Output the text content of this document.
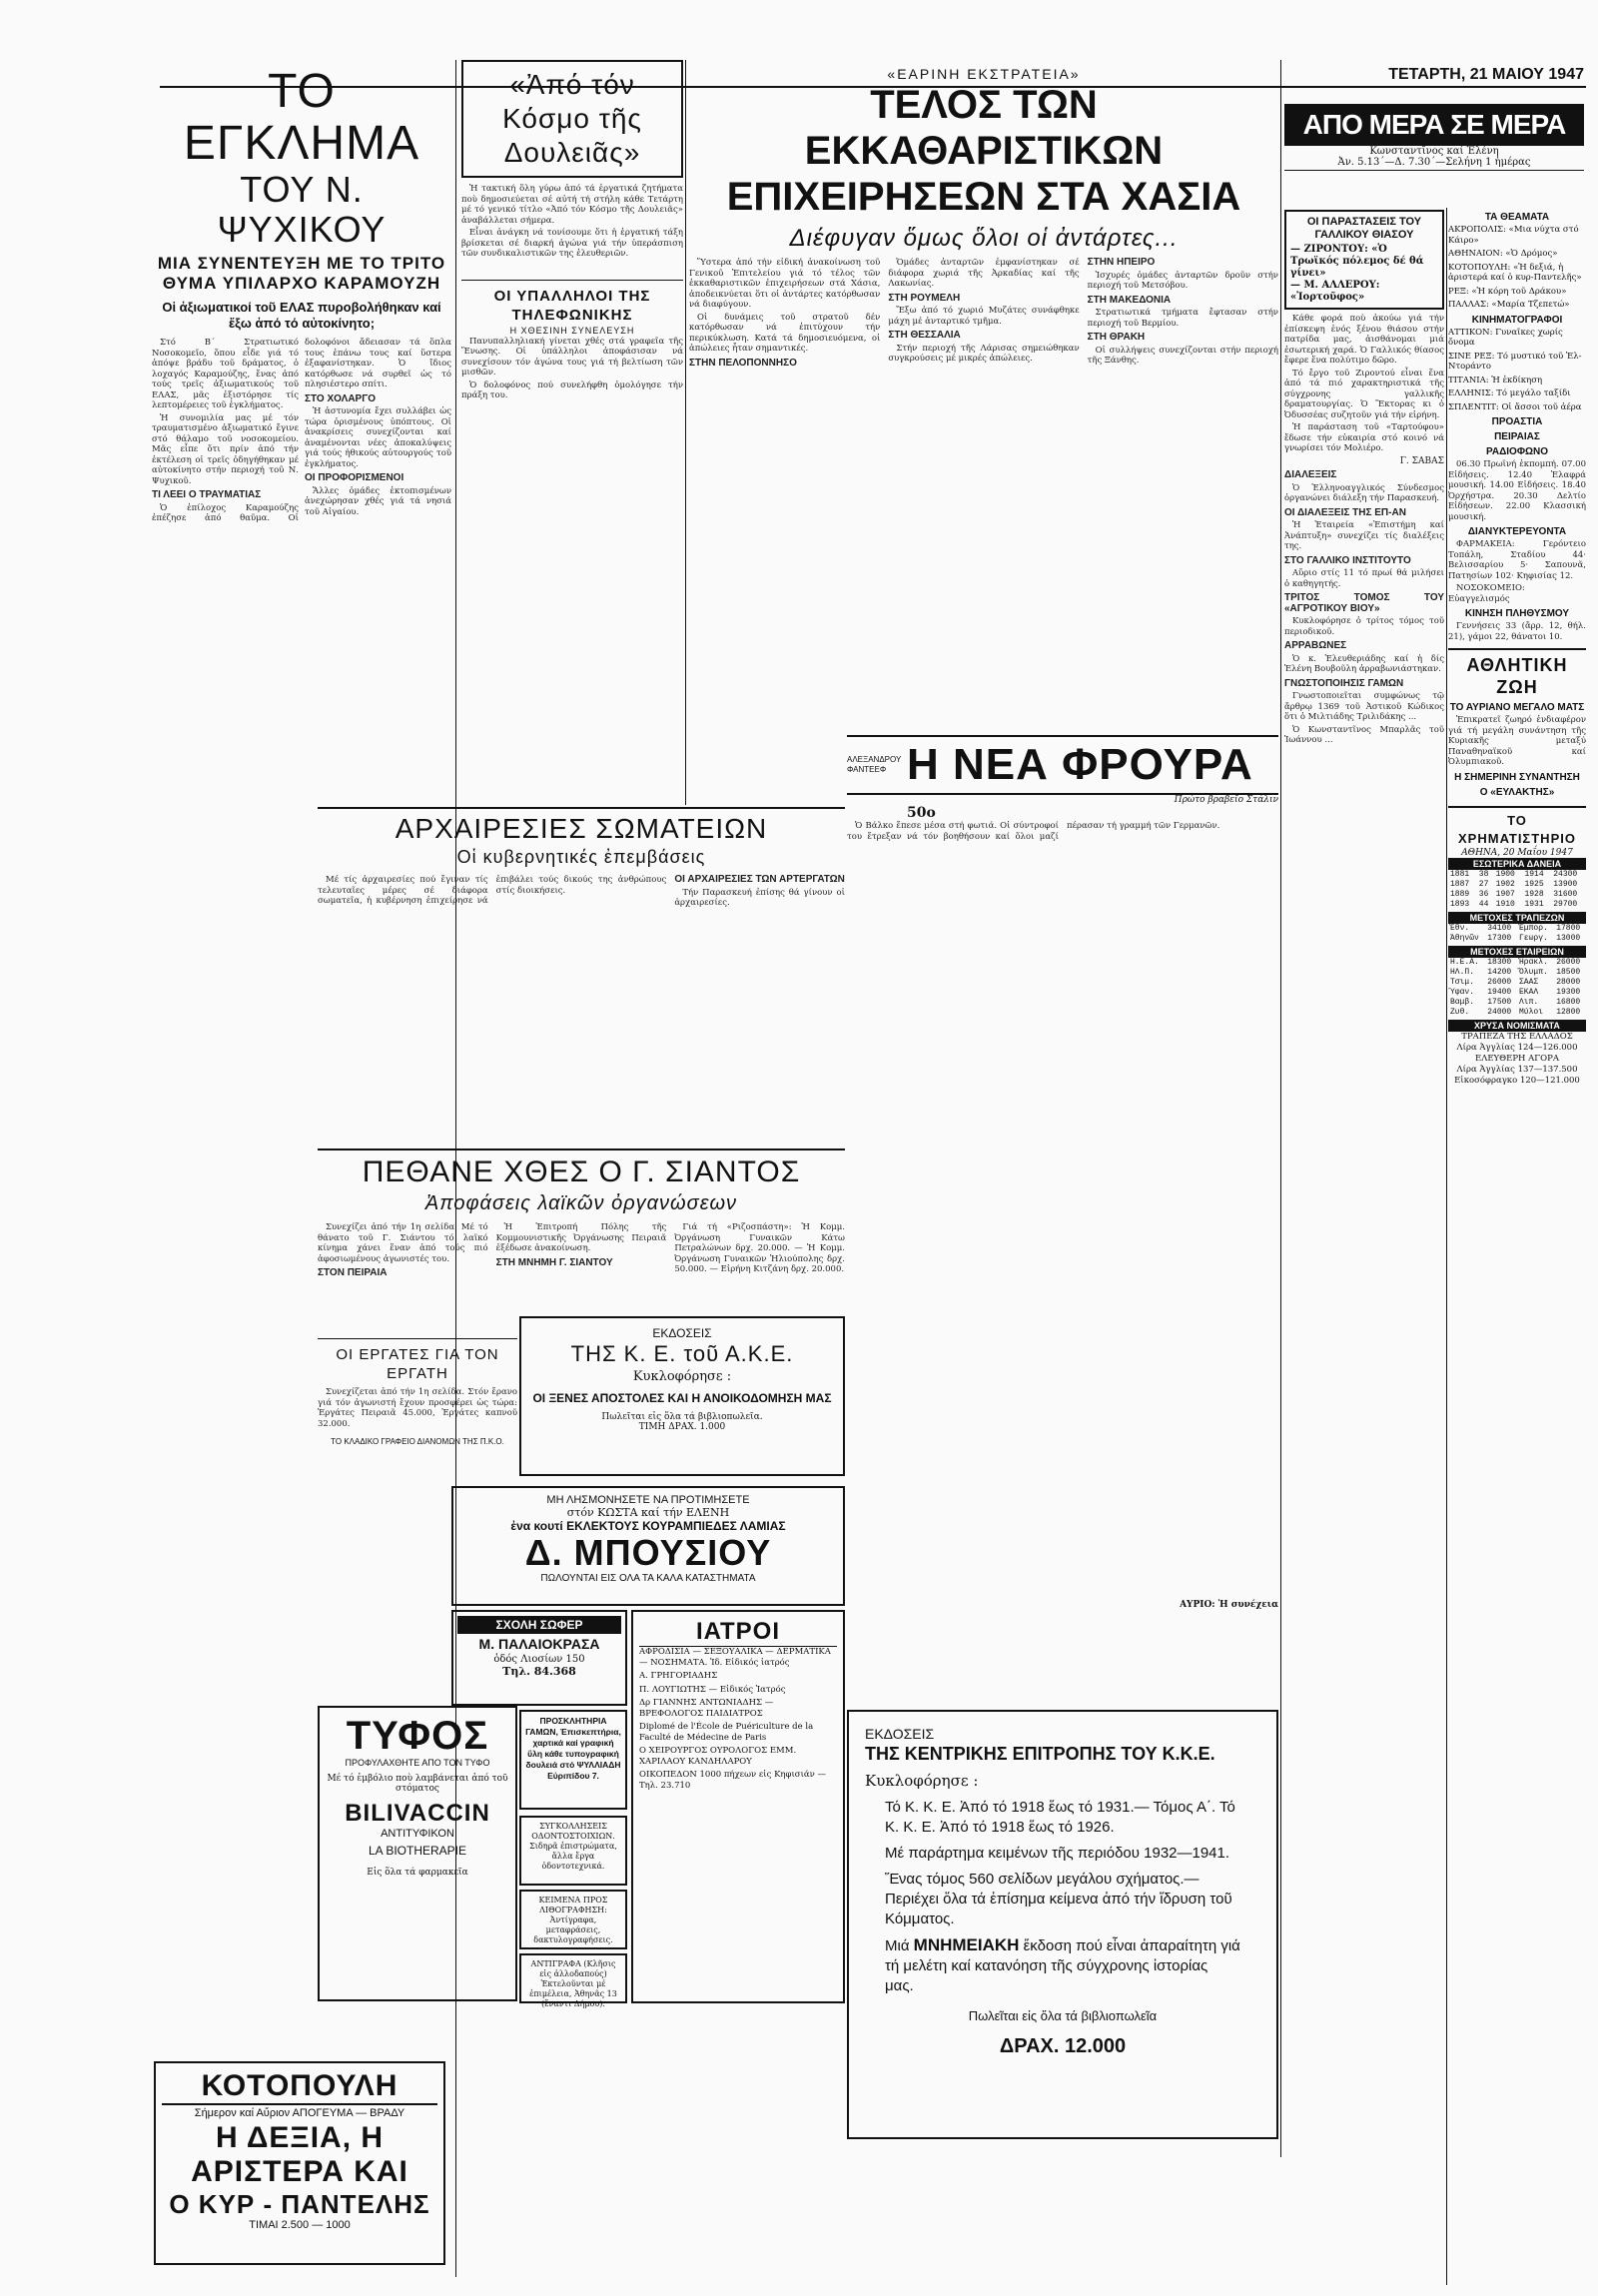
ΤΟ ΕΓΚΛΗΜΑ
ΤΟΥ Ν. ΨΥΧΙΚΟΥ
ΜΙΑ ΣΥΝΕΝΤΕΥΞΗ ΜΕ ΤΟ ΤΡΙΤΟ ΘΥΜΑ ΥΠΙΛΑΡΧΟ ΚΑΡΑΜΟΥΖΗ
Οἱ ἀξιωματικοί τοῦ ΕΛΑΣ πυροβολήθηκαν καί ἔξω ἀπό τό αὐτοκίνητο;

Στό Β΄ Στρατιωτικό Νοσοκομεῖο, ὅπου εἶδε γιά τό ἀπόψε βράδυ τοῦ δράματος, ὁ λοχαγός Καραμούζης, ἔνας ἀπό τούς τρεῖς ἀξιωματικούς τοῦ ΕΛΑΣ, μᾶς ἐξιστόρησε τίς λεπτομέρειες τοῦ ἐγκλήματος.

Ἡ συνομιλία μας μέ τόν τραυματισμένο ἀξιωματικό ἔγινε στό θάλαμο τοῦ νοσοκομείου. Μᾶς εἶπε ὅτι πρίν ἀπό τήν ἐκτέλεση οἱ τρεῖς ὁδηγήθηκαν μέ αὐτοκίνητο στήν περιοχή τοῦ Ν. Ψυχικοῦ.

ΤΙ ΛΕΕΙ Ο ΤΡΑΥΜΑΤΙΑΣ

Ὁ ἐπίλοχος Καραμούζης ἐπέζησε ἀπό θαῦμα. Οἱ δολοφόνοι ἄδειασαν τά ὅπλα τους ἐπάνω τους καί ὕστερα ἐξαφανίστηκαν. Ὁ ἴδιος κατόρθωσε νά συρθεῖ ὡς τό πλησιέστερο σπίτι.

ΣΤΟ ΧΟΛΑΡΓΟ

Ἡ ἀστυνομία ἔχει συλλάβει ὡς τώρα ὁρισμένους ὑπόπτους. Οἱ ἀνακρίσεις συνεχίζονται καί ἀναμένονται νέες ἀποκαλύψεις γιά τούς ἠθικούς αὐτουργούς τοῦ ἐγκλήματος.

ΟΙ ΠΡΟΦΟΡΙΣΜΕΝΟΙ

Ἄλλες ὁμάδες ἐκτοπισμένων ἀνεχώρησαν χθές γιά τά νησιά τοῦ Αἰγαίου.

ΚΟΤΟΠΟΥΛΗ
Σήμερον καί Αὔριον ΑΠΟΓΕΥΜΑ — ΒΡΑΔΥ
Η ΔΕΞΙΑ, Η
ΑΡΙΣΤΕΡΑ ΚΑΙ
Ο ΚΥΡ - ΠΑΝΤΕΛΗΣ
ΤΙΜΑΙ 2.500 — 1000
«Ἀπό τόν Κόσμο τῆς Δουλειᾶς»

Ἡ τακτική ὅλη γύρω ἀπό τά ἐργατικά ζητήματα ποὺ δημοσιεύεται σέ αὐτή τή στήλη κάθε Τετάρτη μέ τό γενικό τίτλο «Ἀπό τόν Κόσμο τῆς Δουλειᾶς» ἀναβάλλεται σήμερα.

Εἶναι ἀνάγκη νά τονίσουμε ὅτι ἡ ἐργατική τάξη βρίσκεται σέ διαρκή ἀγώνα γιά τήν ὑπεράσπιση τῶν συνδικαλιστικῶν της ἐλευθεριῶν.

ΟΙ ΥΠΑΛΛΗΛΟΙ ΤΗΣ ΤΗΛΕΦΩΝΙΚΗΣ
Η ΧΘΕΣΙΝΗ ΣΥΝΕΛΕΥΣΗ

Πανυπαλληλιακή γίνεται χθές στά γραφεῖα τῆς Ἕνωσης. Οἱ ὑπάλληλοι ἀποφάσισαν νά συνεχίσουν τόν ἀγώνα τους γιά τή βελτίωση τῶν μισθῶν.

Ὁ δολοφόνος πού συνελήφθη ὁμολόγησε τήν πράξη του.

ΑΡΧΑΙΡΕΣΙΕΣ ΣΩΜΑΤΕΙΩΝ
Οἱ κυβερνητικές ἐπεμβάσεις

Μέ τίς ἀρχαιρεσίες πού ἔγιναν τίς τελευταῖες μέρες σέ διάφορα σωματεῖα, ἡ κυβέρνηση ἐπιχείρησε νά ἐπιβάλει τούς δικούς της ἀνθρώπους στίς διοικήσεις.

ΟΙ ΑΡΧΑΙΡΕΣΙΕΣ ΤΩΝ ΑΡΤΕΡΓΑΤΩΝ

Τήν Παρασκευή ἐπίσης θά γίνουν οἱ ἀρχαιρεσίες.

ΠΕΘΑΝΕ ΧΘΕΣ Ο Γ. ΣΙΑΝΤΟΣ
Ἀποφάσεις λαϊκῶν ὀργανώσεων

Συνεχίζει ἀπό τήν 1η σελίδα. Μέ τό θάνατο τοῦ Γ. Σιάντου τό λαϊκό κίνημα χάνει ἕναν ἀπό τούς πιό ἀφοσιωμένους ἀγωνιστές του.

ΣΤΟΝ ΠΕΙΡΑΙΑ

Ἡ Ἐπιτροπή Πόλης τῆς Κομμουνιστικῆς Ὀργάνωσης Πειραιᾶ ἐξέδωσε ἀνακοίνωση.

ΣΤΗ ΜΝΗΜΗ Γ. ΣΙΑΝΤΟΥ

Γιά τή «Ριζοσπάστη»: Ἡ Κομμ. Ὀργάνωση Γυναικῶν Κάτω Πετραλώνων δρχ. 20.000. — Ἡ Κομμ. Ὀργάνωση Γυναικῶν Ἡλιούπολης δρχ. 50.000. — Εἰρήνη Κιτζάνη δρχ. 20.000.

ΟΙ ΕΡΓΑΤΕΣ ΓΙΑ ΤΟΝ ΕΡΓΑΤΗ

Συνεχίζεται ἀπό τήν 1η σελίδα. Στόν ἔρανο γιά τόν ἀγωνιστή ἔχουν προσφέρει ὡς τώρα: Ἐργάτες Πειραιᾶ 45.000, Ἐργάτες καπνοῦ 32.000.

ΤΟ ΚΛΑΔΙΚΟ ΓΡΑΦΕΙΟ ΔΙΑΝΟΜΩΝ ΤΗΣ Π.Κ.Ο.
ΕΚΔΟΣΕΙΣ
ΤΗΣ Κ. Ε. τοῦ Α.Κ.Ε.
Κυκλοφόρησε :
ΟΙ ΞΕΝΕΣ ΑΠΟΣΤΟΛΕΣ ΚΑΙ Η ΑΝΟΙΚΟΔΟΜΗΣΗ ΜΑΣ
Πωλεῖται εἰς ὅλα τά βιβλιοπωλεῖα.
ΤΙΜΗ ΔΡΑΧ. 1.000
ΜΗ ΛΗΣΜΟΝΗΣΕΤΕ ΝΑ ΠΡΟΤΙΜΗΣΕΤΕ
στόν ΚΩΣΤΑ καί τήν ΕΛΕΝΗ
ἐνα κουτί ΕΚΛΕΚΤΟΥΣ ΚΟΥΡΑΜΠΙΕΔΕΣ ΛΑΜΙΑΣ
Δ. ΜΠΟΥΣΙΟΥ
ΠΩΛΟΥΝΤΑΙ ΕΙΣ ΟΛΑ ΤΑ ΚΑΛΑ ΚΑΤΑΣΤΗΜΑΤΑ
ΤΥΦΟΣ
ΠΡΟΦΥΛΑΧΘΗΤΕ ΑΠΟ ΤΟΝ ΤΥΦΟ
Μέ τό ἐμβόλιο ποὺ λαμβάνεται ἀπό τοῦ στόματος
BILIVACCIN
ΑΝΤΙΤΥΦΙΚΟΝ
LA BIOTHERAPIE
Εἰς ὅλα τά φαρμακεῖα
ΣΧΟΛΗ ΣΩΦΕΡ
Μ. ΠΑΛΑΙΟΚΡΑΣΑ
ὁδός Λιοσίων 150
Τηλ. 84.368
ΠΡΟΣΚΛΗΤΗΡΙΑ ΓΑΜΩΝ, Ἐπισκεπτήρια, χαρτικά καί γραφική ὕλη κάθε τυπογραφική δουλειά στό ΨΥΛΛΙΑΔΗ Εὐριπίδου 7.
ΣΥΓΚΟΛΛΗΣΕΙΣ ΟΔΟΝΤΟΣΤΟΙΧΙΩΝ. Σιδηρᾶ ἐπιστρώματα, ἄλλα ἔργα ὀδοντοτεχνικά.
ΚΕΙΜΕΝΑ ΠΡΟΣ ΛΙΘΟΓΡΑΦΗΣΗ: Ἀντίγραφα, μεταφράσεις, δακτυλογραφήσεις.
ΑΝΤΙΓΡΑΦΑ (Κλῆσις εἰς ἀλλοδαπούς) Ἐκτελοῦνται μέ ἐπιμέλεια, Ἀθηνᾶς 13 (ἔναντι Δήμου).
ΙΑΤΡΟΙ
ΑΦΡΟΔΙΣΙΑ — ΣΕΞΟΥΑΛΙΚΑ — ΔΕΡΜΑΤΙΚΑ — ΝΟΣΗΜΑΤΑ. Ἰδ. Εἰδικός ἰατρός
Α. ΓΡΗΓΟΡΙΑΔΗΣ
Π. ΛΟΥΓΙΩΤΗΣ — Εἰδικός Ἰατρός
Δρ ΓΙΑΝΝΗΣ ΑΝΤΩΝΙΑΔΗΣ — ΒΡΕΦΟΛΟΓΟΣ ΠΑΙΔΙΑΤΡΟΣ
Diplomé de l'École de Puériculture de la Faculté de Médecine de Paris
Ο ΧΕΙΡΟΥΡΓΟΣ ΟΥΡΟΛΟΓΟΣ ΕΜΜ. ΧΑΡΙΛΑΟΥ ΚΑΝΔΗΛΑΡΟΥ
ΟΙΚΟΠΕΔΟΝ 1000 πήχεων εἰς Κηφισιάν — Τηλ. 23.710
«ΕΑΡΙΝΗ ΕΚΣΤΡΑΤΕΙΑ»
ΤΕΛΟΣ ΤΩΝ ΕΚΚΑΘΑΡΙΣΤΙΚΩΝ
ΕΠΙΧΕΙΡΗΣΕΩΝ ΣΤΑ ΧΑΣΙΑ
Διέφυγαν ὅμως ὅλοι οἱ ἀντάρτες...

Ὕστερα ἀπό τήν εἰδική ἀνακοίνωση τοῦ Γενικοῦ Ἐπιτελείου γιά τό τέλος τῶν ἐκκαθαριστικῶν ἐπιχειρήσεων στά Χάσια, ἀποδεικνύεται ὅτι οἱ ἀντάρτες κατόρθωσαν νά διαφύγουν.

Οἱ δυνάμεις τοῦ στρατοῦ δέν κατόρθωσαν νά ἐπιτύχουν τήν περικύκλωση. Κατά τά δημοσιευόμενα, οἱ ἀπώλειες ἦταν σημαντικές.

ΣΤΗΝ ΠΕΛΟΠΟΝΝΗΣΟ

Ὁμάδες ἀνταρτῶν ἐμφανίστηκαν σέ διάφορα χωριά τῆς Ἀρκαδίας καί τῆς Λακωνίας.

ΣΤΗ ΡΟΥΜΕΛΗ

Ἔξω ἀπό τό χωριό Μυζάτες συνάφθηκε μάχη μέ ἀνταρτικό τμῆμα.

ΣΤΗ ΘΕΣΣΑΛΙΑ

Στήν περιοχή τῆς Λάρισας σημειώθηκαν συγκρούσεις μέ μικρές ἀπώλειες.

ΣΤΗΝ ΗΠΕΙΡΟ

Ἰσχυρές ὁμάδες ἀνταρτῶν δροῦν στήν περιοχή τοῦ Μετσόβου.

ΣΤΗ ΜΑΚΕΔΟΝΙΑ

Στρατιωτικά τμήματα ἔφτασαν στήν περιοχή τοῦ Βερμίου.

ΣΤΗ ΘΡΑΚΗ

Οἱ συλλήψεις συνεχίζονται στήν περιοχή τῆς Ξάνθης.

ΑΛΕΞΑΝΔΡΟΥ ΦΑΝΤΕΕΦ Η ΝΕΑ ΦΡΟΥΡΑ
Πρώτο βραβεῖο Στάλιν
50ο

Ὁ Βάλκο ἔπεσε μέσα στή φωτιά. Οἱ σύντροφοί του ἔτρεξαν νά τόν βοηθήσουν καί ὅλοι μαζί πέρασαν τή γραμμή τῶν Γερμανῶν.

ΑΥΡΙΟ: Ἡ συνέχεια
ΕΚΔΟΣΕΙΣ
ΤΗΣ ΚΕΝΤΡΙΚΗΣ ΕΠΙΤΡΟΠΗΣ ΤΟΥ Κ.Κ.Ε.
Κυκλοφόρησε :
Τό Κ. Κ. Ε. Ἀπό τό 1918 ἕως τό 1931.— Τόμος Α΄. Τό Κ. Κ. Ε. Ἀπό τό 1918 ἕως τό 1926.
Μέ παράρτημα κειμένων τῆς περιόδου 1932—1941.
Ἕνας τόμος 560 σελίδων μεγάλου σχήματος.— Περιέχει ὅλα τά ἐπίσημα κείμενα ἀπό τήν ἵδρυση τοῦ Κόμματος.
Μιά ΜΝΗΜΕΙΑΚΗ ἔκδοση πού εἶναι ἀπαραίτητη γιά τή μελέτη καί κατανόηση τῆς σύγχρονης ἱστορίας μας.
Πωλεῖται εἰς ὅλα τά βιβλιοπωλεῖα
ΔΡΑΧ. 12.000
ΤΕΤΑΡΤΗ, 21 ΜΑΙΟΥ 1947
ΑΠΟ ΜΕΡΑ ΣΕ ΜΕΡΑ
Κωνσταντῖνος καί Ἑλένη
Ἀν. 5.13΄—Δ. 7.30΄—Σελήνη 1 ἡμέρας
ΟΙ ΠΑΡΑΣΤΑΣΕΙΣ ΤΟΥ ΓΑΛΛΙΚΟΥ ΘΙΑΣΟΥ
— ΖΙΡΟΝΤΟΥ: «Ὁ Τρωϊκός πόλεμος δέ θά γίνει»
— Μ. ΑΛΛΕΡΟΥ: «Ἰορτοῦφος»

Κάθε φορά ποὺ ἀκούω γιά τήν ἐπίσκεψη ἑνός ξένου θιάσου στήν πατρίδα μας, ἀισθάνομαι μιά ἐσωτερική χαρά. Ὁ Γαλλικός θίασος ἔφερε ἕνα πολύτιμο δῶρο.

Τό ἔργο τοῦ Ζιροντού εἶναι ἕνα ἀπό τά πιό χαρακτηριστικά τῆς σύγχρονης γαλλικῆς δραματουργίας. Ὁ Ἕκτορας κι ὁ Ὀδυσσέας συζητοῦν γιά τήν εἰρήνη.

Ἡ παράσταση τοῦ «Ταρτούφου» ἔδωσε τήν εὐκαιρία στό κοινό νά γνωρίσει τόν Μολιέρο.

Γ. ΣΑΒΑΣ
ΔΙΑΛΕΞΕΙΣ

Ὁ Ἐλληνοαγγλικός Σύνδεσμος ὀργανώνει διάλεξη τήν Παρασκευή.

ΟΙ ΔΙΑΛΕΞΕΙΣ ΤΗΣ ΕΠ-ΑΝ

Ἡ Ἑταιρεία «Ἐπιστήμη καί Ἀνάπτυξη» συνεχίζει τίς διαλέξεις της.

ΣΤΟ ΓΑΛΛΙΚΟ ΙΝΣΤΙΤΟΥΤΟ

Αὔριο στίς 11 τό πρωί θά μιλήσει ὁ καθηγητής.

ΤΡΙΤΟΣ ΤΟΜΟΣ ΤΟΥ «ΑΓΡΟΤΙΚΟΥ ΒΙΟΥ»

Κυκλοφόρησε ὁ τρίτος τόμος τοῦ περιοδικοῦ.

ΑΡΡΑΒΩΝΕΣ

Ὁ κ. Ἐλευθεριάδης καί ἡ δίς Ἑλένη Βουβοῦλη ἀρραβωνιάστηκαν.

ΓΝΩΣΤΟΠΟΙΗΣΙΣ ΓΑΜΩΝ

Γνωστοποιεῖται συμφώνως τῷ ἄρθρῳ 1369 τοῦ Ἀστικοῦ Κώδικος ὅτι ὁ Μιλτιάδης Τριλιδάκης ...

Ὁ Κωνσταντῖνος Μπαρλᾶς τοῦ Ἰωάννου ...

ΤΑ ΘΕΑΜΑΤΑ
ΑΚΡΟΠΟΛΙΣ: «Μια νύχτα στό Κάιρο»
ΑΘΗΝΑΙΟΝ: «Ὁ Δρόμος»
ΚΟΤΟΠΟΥΛΗ: «Ἡ δεξιά, ἡ ἀριστερά καί ὁ κυρ-Παντελῆς»
ΡΕΞ: «Ἡ κόρη τοῦ Δράκου»
ΠΑΛΛΑΣ: «Μαρία Τζεπετώ»
ΚΙΝΗΜΑΤΟΓΡΑΦΟΙ
ΑΤΤΙΚΟΝ: Γυναῖκες χωρίς ὄνομα
ΣΙΝΕ ΡΕΞ: Τό μυστικό τοῦ Ἐλ-Ντοράντο
ΤΙΤΑΝΙΑ: Ἡ ἐκδίκηση
ΕΛΛΗΝΙΣ: Τό μεγάλο ταξίδι
ΣΠΛΕΝΤΙΤ: Οἱ ἄσσοι τοῦ ἀέρα
ΠΡΟΑΣΤΙΑ
ΠΕΙΡΑΙΑΣ
ΡΑΔΙΟΦΩΝΟ

06.30 Πρωϊνή ἐκπομπή. 07.00 Εἰδήσεις. 12.40 Ἐλαφρά μουσική. 14.00 Εἰδήσεις. 18.40 Ὀρχήστρα. 20.30 Δελτίο Εἰδήσεων. 22.00 Κλασσική μουσική.

ΔΙΑΝΥΚΤΕΡΕΥΟΝΤΑ

ΦΑΡΜΑΚΕΙΑ: Γερόντειο Τοπάλη, Σταδίου 44· Βελισσαρίου 5· Σαπουνᾶ, Πατησίων 102· Κηφισίας 12.

ΝΟΣΟΚΟΜΕΙΟ: Εὐαγγελισμός

ΚΙΝΗΣΗ ΠΛΗΘΥΣΜΟΥ

Γεννήσεις 33 (ἄρρ. 12, θήλ. 21), γάμοι 22, θάνατοι 10.

ΑΘΛΗΤΙΚΗ ΖΩΗ
ΤΟ ΑΥΡΙΑΝΟ ΜΕΓΑΛΟ ΜΑΤΣ

Ἐπικρατεῖ ζωηρό ἐνδιαφέρον γιά τή μεγάλη συνάντηση τῆς Κυριακῆς μεταξύ Παναθηναϊκοῦ καί Ὀλυμπιακοῦ.

Η ΣΗΜΕΡΙΝΗ ΣΥΝΑΝΤΗΣΗ
Ο «ΕΥΛΑΚΤΗΣ»
ΤΟ ΧΡΗΜΑΤΙΣΤΗΡΙΟ
ΑΘΗΝΑ, 20 Μαΐου 1947
ΕΣΩΤΕΡΙΚΑ ΔΑΝΕΙΑ
1881	38	1900	1914	24300
1887	27	1902	1925	13900
1889	36	1907	1928	31600
1893	44	1910	1931	29700
ΜΕΤΟΧΕΣ ΤΡΑΠΕΖΩΝ
Ἐθν.	34100	Ἐμπορ.	17800
Ἀθηνῶν	17300	Γεωργ.	13000
ΜΕΤΟΧΕΣ ΕΤΑΙΡΕΙΩΝ
Η.Ε.Α.	18300	Ἡρακλ.	26000
ΗΛ.Π.	14200	Ὄλυμπ.	18500
Τσιμ.	26000	ΣΑΑΣ	28000
Ὕφαν.	19400	ΕΚΑΛ	19300
Βαμβ.	17500	Λιπ.	16800
Ζυθ.	24000	Μύλοι	12800
ΧΡΥΣΑ ΝΟΜΙΣΜΑΤΑ
ΤΡΑΠΕΖΑ ΤΗΣ ΕΛΛΑΔΟΣ
Λίρα Ἀγγλίας 124—126.000
ΕΛΕΥΘΕΡΗ ΑΓΟΡΑ
Λίρα Ἀγγλίας 137—137.500
Εἰκοσόφραγκο 120—121.000
